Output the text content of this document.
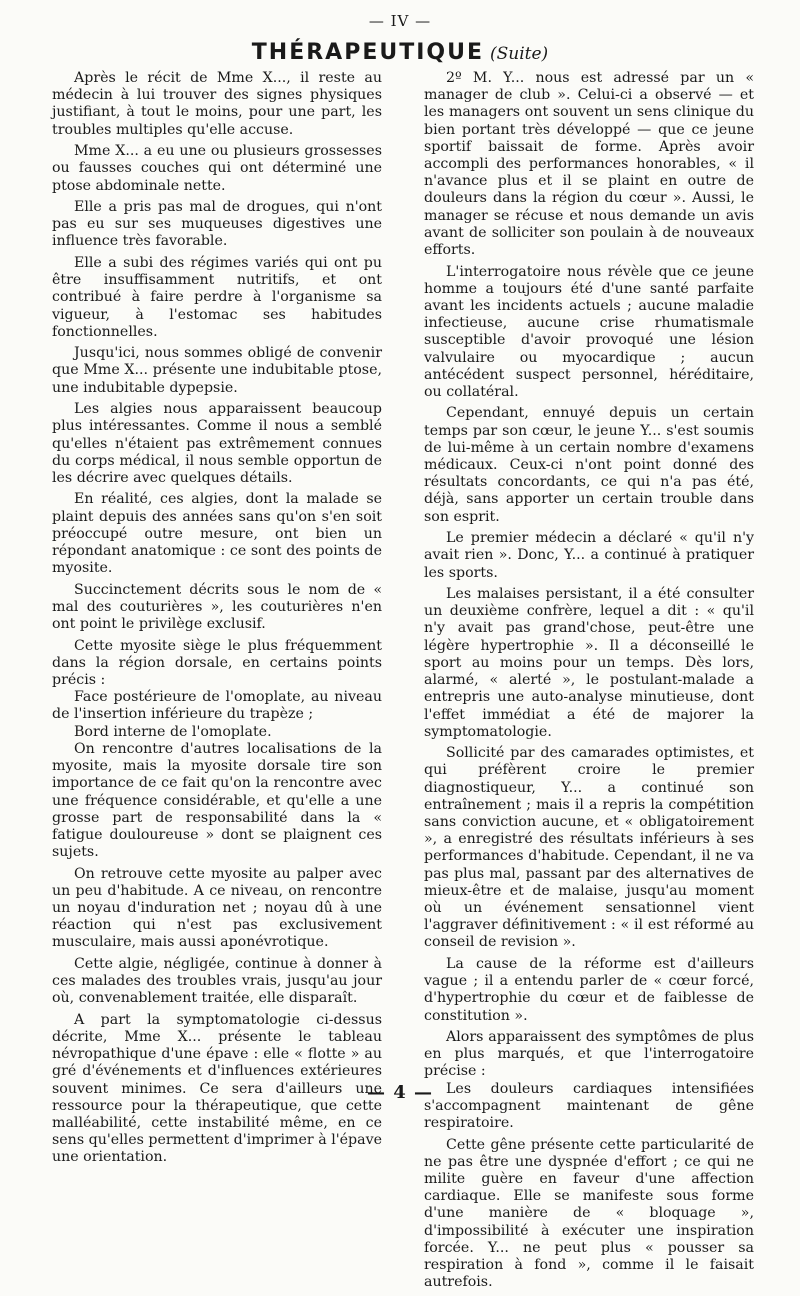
— IV —
THÉRAPEUTIQUE (Suite)

Après le récit de Mme X..., il reste au médecin à lui trouver des signes physiques justifiant, à tout le moins, pour une part, les troubles multiples qu'elle accuse.

Mme X... a eu une ou plusieurs grossesses ou fausses couches qui ont déterminé une ptose abdominale nette.

Elle a pris pas mal de drogues, qui n'ont pas eu sur ses muqueuses digestives une influence très favorable.

Elle a subi des régimes variés qui ont pu être insuffisamment nutritifs, et ont contribué à faire perdre à l'organisme sa vigueur, à l'estomac ses habitudes fonctionnelles.

Jusqu'ici, nous sommes obligé de convenir que Mme X... présente une indubitable ptose, une indubitable dypepsie.

Les algies nous apparaissent beaucoup plus intéressantes. Comme il nous a semblé qu'elles n'étaient pas extrêmement connues du corps médical, il nous semble opportun de les décrire avec quelques détails.

En réalité, ces algies, dont la malade se plaint depuis des années sans qu'on s'en soit préoccupé outre mesure, ont bien un répondant anatomique : ce sont des points de myosite.

Succinctement décrits sous le nom de « mal des couturières », les couturières n'en ont point le privilège exclusif.

Cette myosite siège le plus fréquemment dans la région dorsale, en certains points précis :

Face postérieure de l'omoplate, au niveau de l'insertion inférieure du trapèze ;

Bord interne de l'omoplate.

On rencontre d'autres localisations de la myosite, mais la myosite dorsale tire son importance de ce fait qu'on la rencontre avec une fréquence considérable, et qu'elle a une grosse part de responsabilité dans la « fatigue douloureuse » dont se plaignent ces sujets.

On retrouve cette myosite au palper avec un peu d'habitude. A ce niveau, on rencontre un noyau d'induration net ; noyau dû à une réaction qui n'est pas exclusivement musculaire, mais aussi aponévrotique.

Cette algie, négligée, continue à donner à ces malades des troubles vrais, jusqu'au jour où, convenablement traitée, elle disparaît.

A part la symptomatologie ci-dessus décrite, Mme X... présente le tableau névropathique d'une épave : elle « flotte » au gré d'événements et d'influences extérieures souvent minimes. Ce sera d'ailleurs une ressource pour la thérapeutique, que cette malléabilité, cette instabilité même, en ce sens qu'elles permettent d'imprimer à l'épave une orientation.

2º M. Y... nous est adressé par un « manager de club ». Celui-ci a observé — et les managers ont souvent un sens clinique du bien portant très développé — que ce jeune sportif baissait de forme. Après avoir accompli des performances honorables, « il n'avance plus et il se plaint en outre de douleurs dans la région du cœur ». Aussi, le manager se récuse et nous demande un avis avant de solliciter son poulain à de nouveaux efforts.

L'interrogatoire nous révèle que ce jeune homme a toujours été d'une santé parfaite avant les incidents actuels ; aucune maladie infectieuse, aucune crise rhumatismale susceptible d'avoir provoqué une lésion valvulaire ou myocardique ; aucun antécédent suspect personnel, héréditaire, ou collatéral.

Cependant, ennuyé depuis un certain temps par son cœur, le jeune Y... s'est soumis de lui-même à un certain nombre d'examens médicaux. Ceux-ci n'ont point donné des résultats concordants, ce qui n'a pas été, déjà, sans apporter un certain trouble dans son esprit.

Le premier médecin a déclaré « qu'il n'y avait rien ». Donc, Y... a continué à pratiquer les sports.

Les malaises persistant, il a été consulter un deuxième confrère, lequel a dit : « qu'il n'y avait pas grand'chose, peut-être une légère hypertrophie ». Il a déconseillé le sport au moins pour un temps. Dès lors, alarmé, « alerté », le postulant-malade a entrepris une auto-analyse minutieuse, dont l'effet immédiat a été de majorer la symptomatologie.

Sollicité par des camarades optimistes, et qui préfèrent croire le premier diagnostiqueur, Y... a continué son entraînement ; mais il a repris la compétition sans conviction aucune, et « obligatoirement », a enregistré des résultats inférieurs à ses performances d'habitude. Cependant, il ne va pas plus mal, passant par des alternatives de mieux-être et de malaise, jusqu'au moment où un événement sensationnel vient l'aggraver définitivement : « il est réformé au conseil de revision ».

La cause de la réforme est d'ailleurs vague ; il a entendu parler de « cœur forcé, d'hypertrophie du cœur et de faiblesse de constitution ».

Alors apparaissent des symptômes de plus en plus marqués, et que l'interrogatoire précise :

Les douleurs cardiaques intensifiées s'accompagnent maintenant de gêne respiratoire.

Cette gêne présente cette particularité de ne pas être une dyspnée d'effort ; ce qui ne milite guère en faveur d'une affection cardiaque. Elle se manifeste sous forme d'une manière de « bloquage », d'impossibilité à exécuter une inspiration forcée. Y... ne peut plus « pousser sa respiration à fond », comme il le faisait autrefois.

— 4 —
